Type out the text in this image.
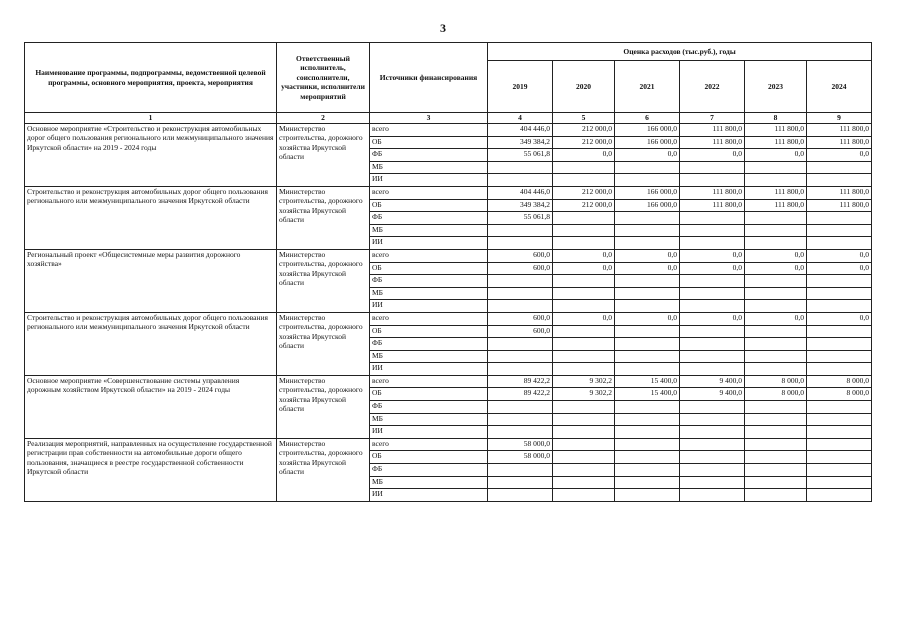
3
Наименование программы, подпрограммы, ведомственной целевой программы, основного мероприятия, проекта, мероприятия	Ответственный исполнитель, соисполнители, участники, исполнители мероприятий	Источники финансирования	Оценка расходов (тыс.руб.), годы					
			2019	2020	2021	2022	2023	2024
1	2	3	4	5	6	7	8	9
Основное мероприятие «Строительство и реконструкция автомобильных дорог общего пользования регионального или межмуниципального значения Иркутской области» на 2019 - 2024 годы	Министерство строительства, дорожного хозяйства Иркутской области	всего	404 446,0	212 000,0	166 000,0	111 800,0	111 800,0	111 800,0
		ОБ	349 384,2	212 000,0	166 000,0	111 800,0	111 800,0	111 800,0
		ФБ	55 061,8	0,0	0,0	0,0	0,0	0,0
		МБ						
		ИИ						
Строительство и реконструкция автомобильных дорог общего пользования регионального или межмуниципального значения Иркутской области	Министерство строительства, дорожного хозяйства Иркутской области	всего	404 446,0	212 000,0	166 000,0	111 800,0	111 800,0	111 800,0
		ОБ	349 384,2	212 000,0	166 000,0	111 800,0	111 800,0	111 800,0
		ФБ	55 061,8					
		МБ						
		ИИ						
Региональный проект «Общесистемные меры развития дорожного хозяйства»	Министерство строительства, дорожного хозяйства Иркутской области	всего	600,0	0,0	0,0	0,0	0,0	0,0
		ОБ	600,0	0,0	0,0	0,0	0,0	0,0
		ФБ						
		МБ						
		ИИ						
Строительство и реконструкция автомобильных дорог общего пользования регионального или межмуниципального значения Иркутской области	Министерство строительства, дорожного хозяйства Иркутской области	всего	600,0	0,0	0,0	0,0	0,0	0,0
		ОБ	600,0					
		ФБ						
		МБ						
		ИИ						
Основное мероприятие «Совершенствование системы управления дорожным хозяйством Иркутской области» на 2019 - 2024 годы	Министерство строительства, дорожного хозяйства Иркутской области	всего	89 422,2	9 302,2	15 400,0	9 400,0	8 000,0	8 000,0
		ОБ	89 422,2	9 302,2	15 400,0	9 400,0	8 000,0	8 000,0
		ФБ						
		МБ						
		ИИ						
Реализация мероприятий, направленных на осуществление государственной регистрации прав собственности на автомобильные дороги общего пользования, значащиеся в реестре государственной собственности Иркутской области	Министерство строительства, дорожного хозяйства Иркутской области	всего	58 000,0					
		ОБ	58 000,0					
		ФБ						
		МБ						
		ИИ						
